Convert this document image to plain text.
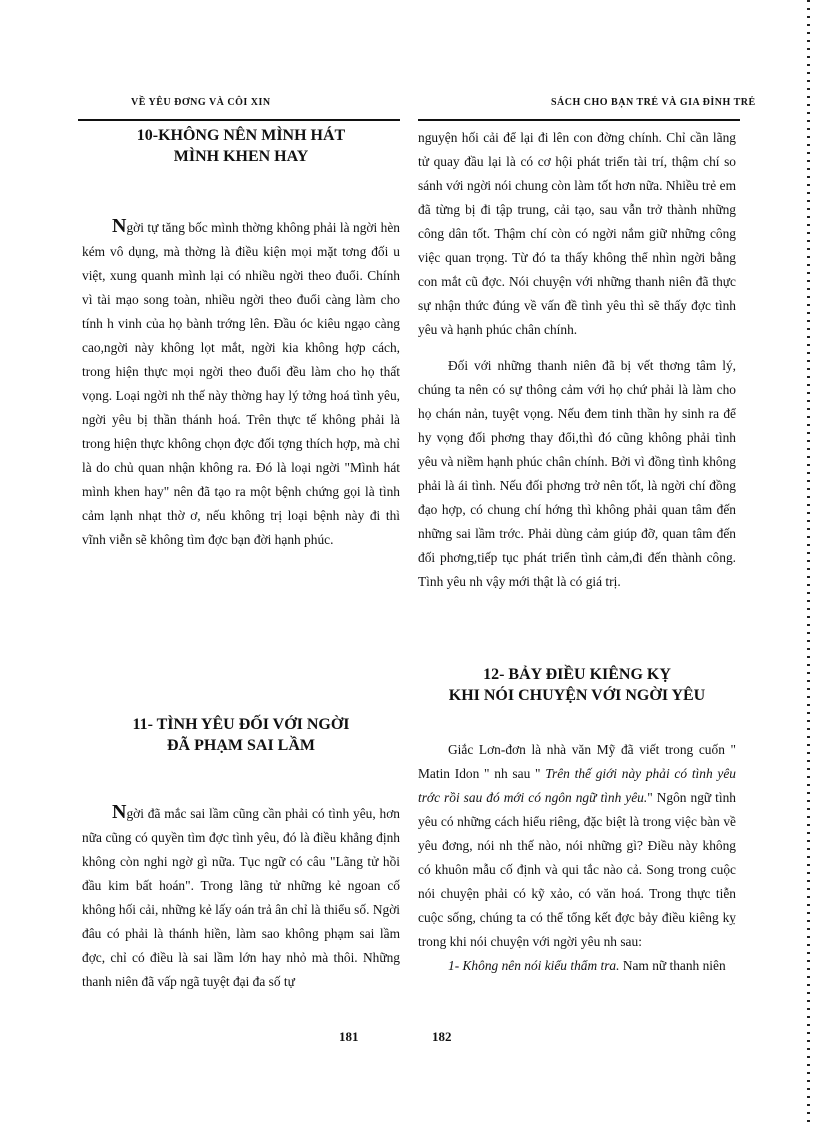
VỀ YÊU ĐƠNG VÀ CÔI XIN	SÁCH CHO BẠN TRẺ VÀ GIA ĐÌNH TRẺ
10-KHÔNG NÊN MÌNH HÁT
MÌNH KHEN HAY

Ngời tự tăng bốc mình thờng không phải là ngời hèn kém vô dụng, mà thờng là điều kiện mọi mặt tơng đối u việt, xung quanh mình lại có nhiều ngời theo đuổi. Chính vì tài mạo song toàn, nhiều ngời theo đuổi càng làm cho tính h vinh của họ bành trớng lên. Đầu óc kiêu ngạo càng cao,ngời này không lọt mắt, ngời kia không hợp cách, trong hiện thực mọi ngời theo đuổi đều làm cho họ thất vọng. Loại ngời nh thế này thờng hay lý tởng hoá tình yêu, ngời yêu bị thần thánh hoá. Trên thực tế không phải là trong hiện thực không chọn đợc đối tợng thích hợp, mà chỉ là do chủ quan nhận không ra. Đó là loại ngời "Mình hát mình khen hay" nên đã tạo ra một bệnh chứng gọi là tình cảm lạnh nhạt thờ ơ, nếu không trị loại bệnh này đi thì vĩnh viễn sẽ không tìm đợc bạn đời hạnh phúc.

11- TÌNH YÊU ĐỐI VỚI NGỜI
ĐÃ PHẠM SAI LẦM

Ngời đã mắc sai lầm cũng cần phải có tình yêu, hơn nữa cũng có quyền tìm đợc tình yêu, đó là điều khẳng định không còn nghi ngờ gì nữa. Tục ngữ có câu "Lãng tử hồi đầu kim bất hoán". Trong lãng tử những kẻ ngoan cố không hối cải, những kẻ lấy oán trả ân chỉ là thiểu số. Ngời đâu có phải là thánh hiền, làm sao không phạm sai lầm đợc, chỉ có điều là sai lầm lớn hay nhỏ mà thôi. Những thanh niên đã vấp ngã tuyệt đại đa số tự

nguyện hối cải để lại đi lên con đờng chính. Chỉ cần lãng tử quay đầu lại là có cơ hội phát triển tài trí, thậm chí so sánh với ngời nói chung còn làm tốt hơn nữa. Nhiều trẻ em đã từng bị đi tập trung, cải tạo, sau vẫn trở thành những công dân tốt. Thậm chí còn có ngời nắm giữ những công việc quan trọng. Từ đó ta thấy không thể nhìn ngời bằng con mắt cũ đợc. Nói chuyện với những thanh niên đã thực sự nhận thức đúng về vấn đề tình yêu thì sẽ thấy đợc tình yêu và hạnh phúc chân chính.

Đối với những thanh niên đã bị vết thơng tâm lý, chúng ta nên có sự thông cảm với họ chứ phải là làm cho họ chán nản, tuyệt vọng. Nếu đem tinh thần hy sinh ra để hy vọng đối phơng thay đổi,thì đó cũng không phải tình yêu và niềm hạnh phúc chân chính. Bởi vì đồng tình không phải là ái tình. Nếu đối phơng trở nên tốt, là ngời chí đồng đạo hợp, có chung chí hớng thì không phải quan tâm đến những sai lầm trớc. Phải dùng cảm giúp đỡ, quan tâm đến đối phơng,tiếp tục phát triển tình cảm,đi đến thành công. Tình yêu nh vậy mới thật là có giá trị.

12- BẢY ĐIỀU KIÊNG KỴ
KHI NÓI CHUYỆN VỚI NGỜI YÊU

Giắc Lơn-đơn là nhà văn Mỹ đã viết trong cuốn " Matin Idon " nh sau " Trên thế giới này phải có tình yêu trớc rồi sau đó mới có ngôn ngữ tình yêu." Ngôn ngữ tình yêu có những cách hiểu riêng, đặc biệt là trong việc bàn về yêu đơng, nói nh thế nào, nói những gì? Điều này không có khuôn mẫu cố định và qui tắc nào cả. Song trong cuộc nói chuyện phải có kỹ xảo, có văn hoá. Trong thực tiễn cuộc sống, chúng ta có thể tổng kết đợc bảy điều kiêng kỵ trong khi nói chuyện với ngời yêu nh sau:

1- Không nên nói kiểu thẩm tra. Nam nữ thanh niên

181	182
